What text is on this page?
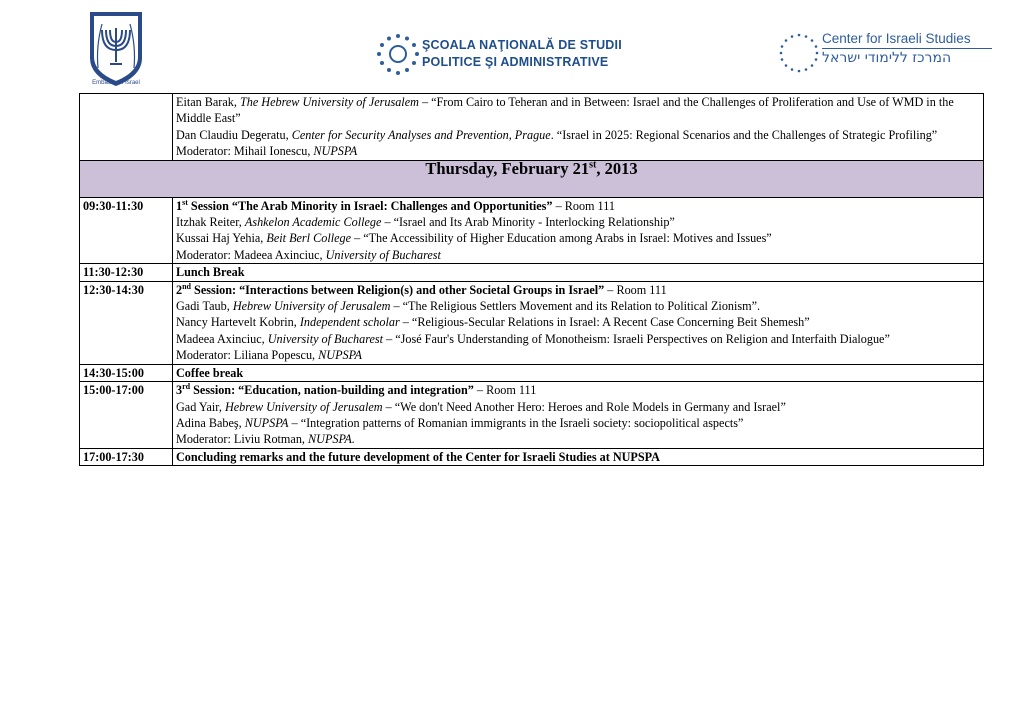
Embassy of Israel
ŞCOALA NAŢIONALĂ DE STUDII
POLITICE ŞI ADMINISTRATIVE
Center for Israeli Studies
המרכז ללימודי ישראל

	Eitan Barak, The Hebrew University of Jerusalem – “From Cairo to Teheran and in Between: Israel and the Challenges of Proliferation and Use of WMD in the Middle East”
Dan Claudiu Degeratu, Center for Security Analyses and Prevention, Prague. “Israel in 2025: Regional Scenarios and the Challenges of Strategic Profiling”
Moderator: Mihail Ionescu, NUPSPA

Thursday, February 21st, 2013	
09:30-11:30	1st Session “The Arab Minority in Israel: Challenges and Opportunities” – Room 111
Itzhak Reiter, Ashkelon Academic College – “Israel and Its Arab Minority - Interlocking Relationship”
Kussai Haj Yehia, Beit Berl College – “The Accessibility of Higher Education among Arabs in Israel: Motives and Issues”
Moderator: Madeea Axinciuc, University of Bucharest

11:30-12:30	Lunch Break
12:30-14:30	2nd Session: “Interactions between Religion(s) and other Societal Groups in Israel” – Room 111
Gadi Taub, Hebrew University of Jerusalem – “The Religious Settlers Movement and its Relation to Political Zionism”.
Nancy Hartevelt Kobrin, Independent scholar – “Religious-Secular Relations in Israel: A Recent Case Concerning Beit Shemesh”
Madeea Axinciuc, University of Bucharest – “José Faur's Understanding of Monotheism: Israeli Perspectives on Religion and Interfaith Dialogue”
Moderator: Liliana Popescu, NUPSPA

14:30-15:00	Coffee break
15:00-17:00	3rd Session: “Education, nation-building and integration” – Room 111
Gad Yair, Hebrew University of Jerusalem – “We don't Need Another Hero: Heroes and Role Models in Germany and Israel”
Adina Babeş, NUPSPA – “Integration patterns of Romanian immigrants in the Israeli society: sociopolitical aspects”
Moderator: Liviu Rotman, NUPSPA.

17:00-17:30	Concluding remarks and the future development of the Center for Israeli Studies at NUPSPA
